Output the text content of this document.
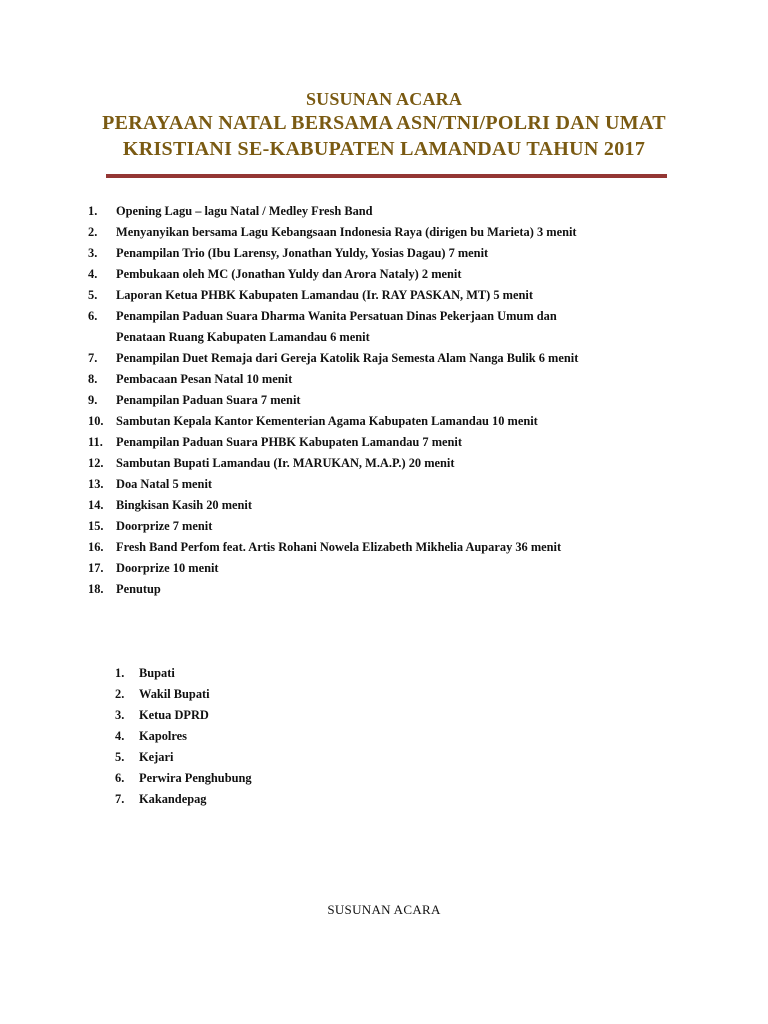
SUSUNAN ACARA
PERAYAAN NATAL BERSAMA ASN/TNI/POLRI DAN UMAT
KRISTIANI SE-KABUPATEN LAMANDAU TAHUN 2017
1. Opening Lagu – lagu Natal / Medley Fresh Band
2. Menyanyikan bersama Lagu Kebangsaan Indonesia Raya (dirigen bu Marieta) 3 menit
3. Penampilan Trio (Ibu Larensy, Jonathan Yuldy, Yosias Dagau) 7 menit
4. Pembukaan oleh MC (Jonathan Yuldy dan Arora Nataly) 2 menit
5. Laporan Ketua PHBK Kabupaten Lamandau (Ir. RAY PASKAN, MT) 5 menit
6. Penampilan Paduan Suara Dharma Wanita Persatuan Dinas Pekerjaan Umum dan
Penataan Ruang Kabupaten Lamandau 6 menit
7. Penampilan Duet Remaja dari Gereja Katolik Raja Semesta Alam Nanga Bulik 6 menit
8. Pembacaan Pesan Natal 10 menit
9. Penampilan Paduan Suara 7 menit
10. Sambutan Kepala Kantor Kementerian Agama Kabupaten Lamandau 10 menit
11. Penampilan Paduan Suara PHBK Kabupaten Lamandau 7 menit
12. Sambutan Bupati Lamandau (Ir. MARUKAN, M.A.P.) 20 menit
13. Doa Natal 5 menit
14. Bingkisan Kasih 20 menit
15. Doorprize 7 menit
16. Fresh Band Perfom feat. Artis Rohani Nowela Elizabeth Mikhelia Auparay 36 menit
17. Doorprize 10 menit
18. Penutup
1. Bupati
2. Wakil Bupati
3. Ketua DPRD
4. Kapolres
5. Kejari
6. Perwira Penghubung
7. Kakandepag
SUSUNAN ACARA
